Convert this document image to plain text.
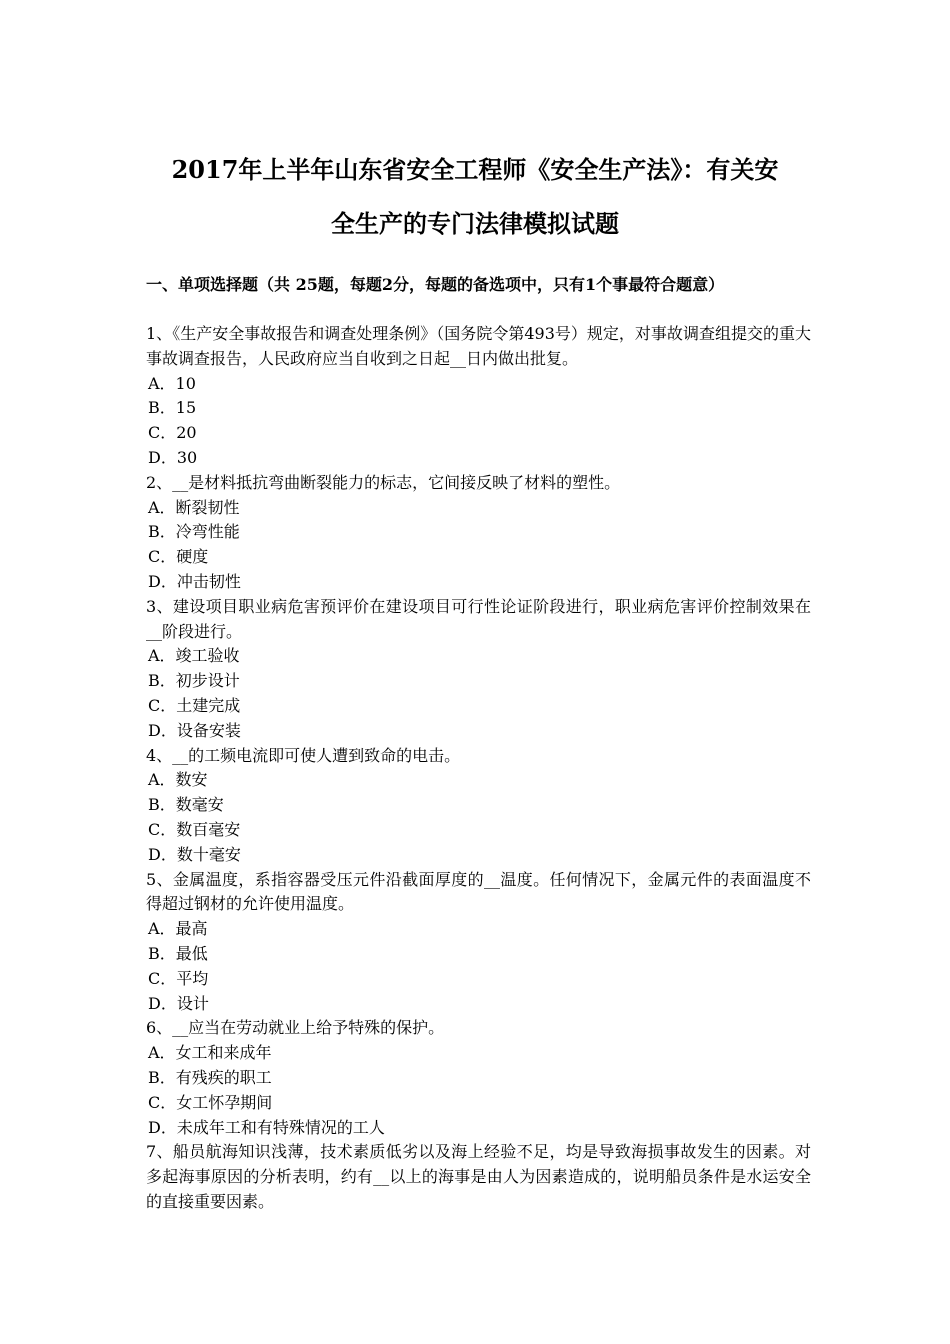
2017年上半年山东省安全工程师《安全生产法》：有关安
全生产的专门法律模拟试题
一、单项选择题（共 25题，每题2分，每题的备选项中，只有1个事最符合题意）

1、《生产安全事故报告和调查处理条例》（国务院令第493号）规定，对事故调查组提交的重大事故调查报告，人民政府应当自收到之日起__日内做出批复。

A．10

B．15

C．20

D．30

2、__是材料抵抗弯曲断裂能力的标志，它间接反映了材料的塑性。

A．断裂韧性

B．冷弯性能

C．硬度

D．冲击韧性

3、建设项目职业病危害预评价在建设项目可行性论证阶段进行，职业病危害评价控制效果在__阶段进行。

A．竣工验收

B．初步设计

C．土建完成

D．设备安装

4、__的工频电流即可使人遭到致命的电击。

A．数安

B．数毫安

C．数百毫安

D．数十毫安

5、金属温度，系指容器受压元件沿截面厚度的__温度。任何情况下，金属元件的表面温度不得超过钢材的允许使用温度。

A．最高

B．最低

C．平均

D．设计

6、__应当在劳动就业上给予特殊的保护。

A．女工和来成年

B．有残疾的职工

C．女工怀孕期间

D．未成年工和有特殊情况的工人

7、船员航海知识浅薄，技术素质低劣以及海上经验不足，均是导致海损事故发生的因素。对多起海事原因的分析表明，约有__以上的海事是由人为因素造成的，说明船员条件是水运安全的直接重要因素。
